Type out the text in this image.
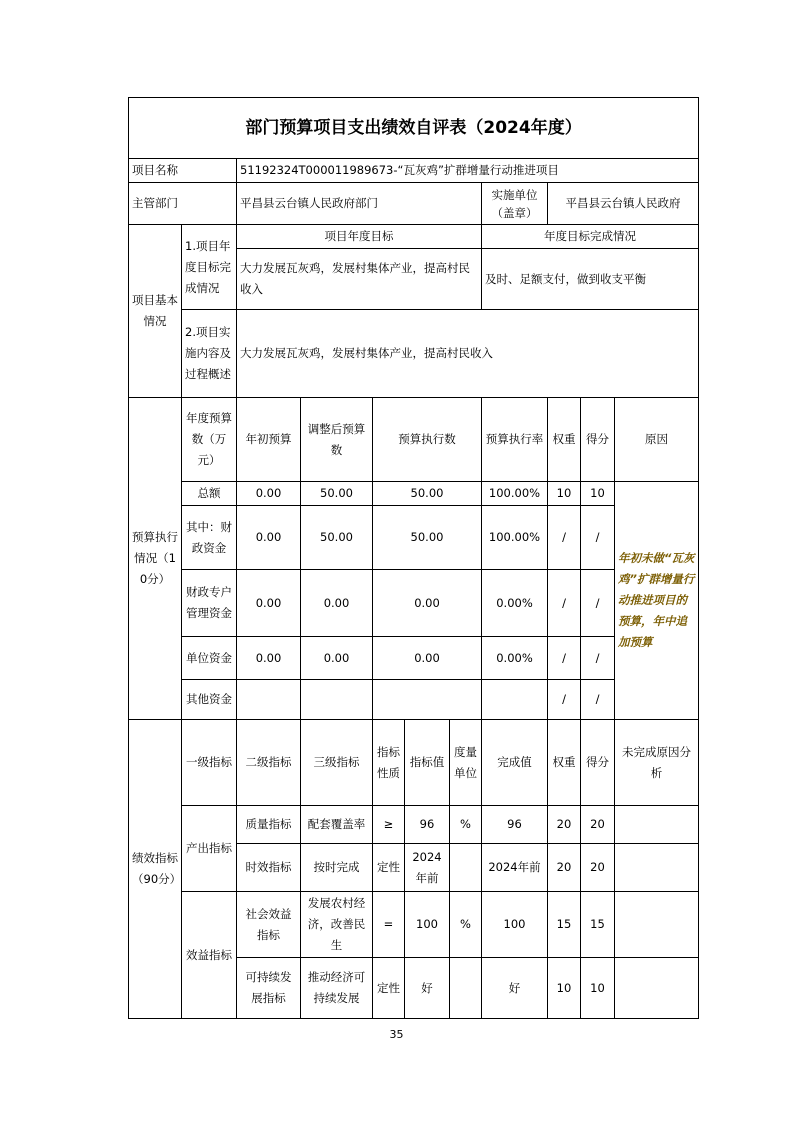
部门预算项目支出绩效自评表（2024年度）										
项目名称		51192324T000011989673-“瓦灰鸡”扩群增量行动推进项目								
主管部门		平昌县云台镇人民政府部门					实施单位（盖章）	平昌县云台镇人民政府		
项目基本情况	1.项目年度目标完成情况	项目年度目标					年度目标完成情况			
		大力发展瓦灰鸡，发展村集体产业，提高村民收入					及时、足额支付，做到收支平衡			
	2.项目实施内容及过程概述	大力发展瓦灰鸡，发展村集体产业，提高村民收入								
预算执行情况（10分）	年度预算数（万元）	年初预算	调整后预算数	预算执行数			预算执行率	权重	得分	原因
	总额	0.00	50.00	50.00			100.00%	10	10	年初未做“瓦灰鸡”扩群增量行动推进项目的预算，年中追加预算
	其中：财政资金	0.00	50.00	50.00			100.00%	/	/	
	财政专户管理资金	0.00	0.00	0.00			0.00%	/	/	
	单位资金	0.00	0.00	0.00			0.00%	/	/	
	其他资金							/	/	
绩效指标（90分）	一级指标	二级指标	三级指标	指标性质	指标值	度量单位	完成值	权重	得分	未完成原因分析
	产出指标	质量指标	配套覆盖率	≥	96	%	96	20	20	
		时效指标	按时完成	定性	2024年前		2024年前	20	20	
	效益指标	社会效益指标	发展农村经济，改善民生	=	100	%	100	15	15	
		可持续发展指标	推动经济可持续发展	定性	好		好	10	10	
35
